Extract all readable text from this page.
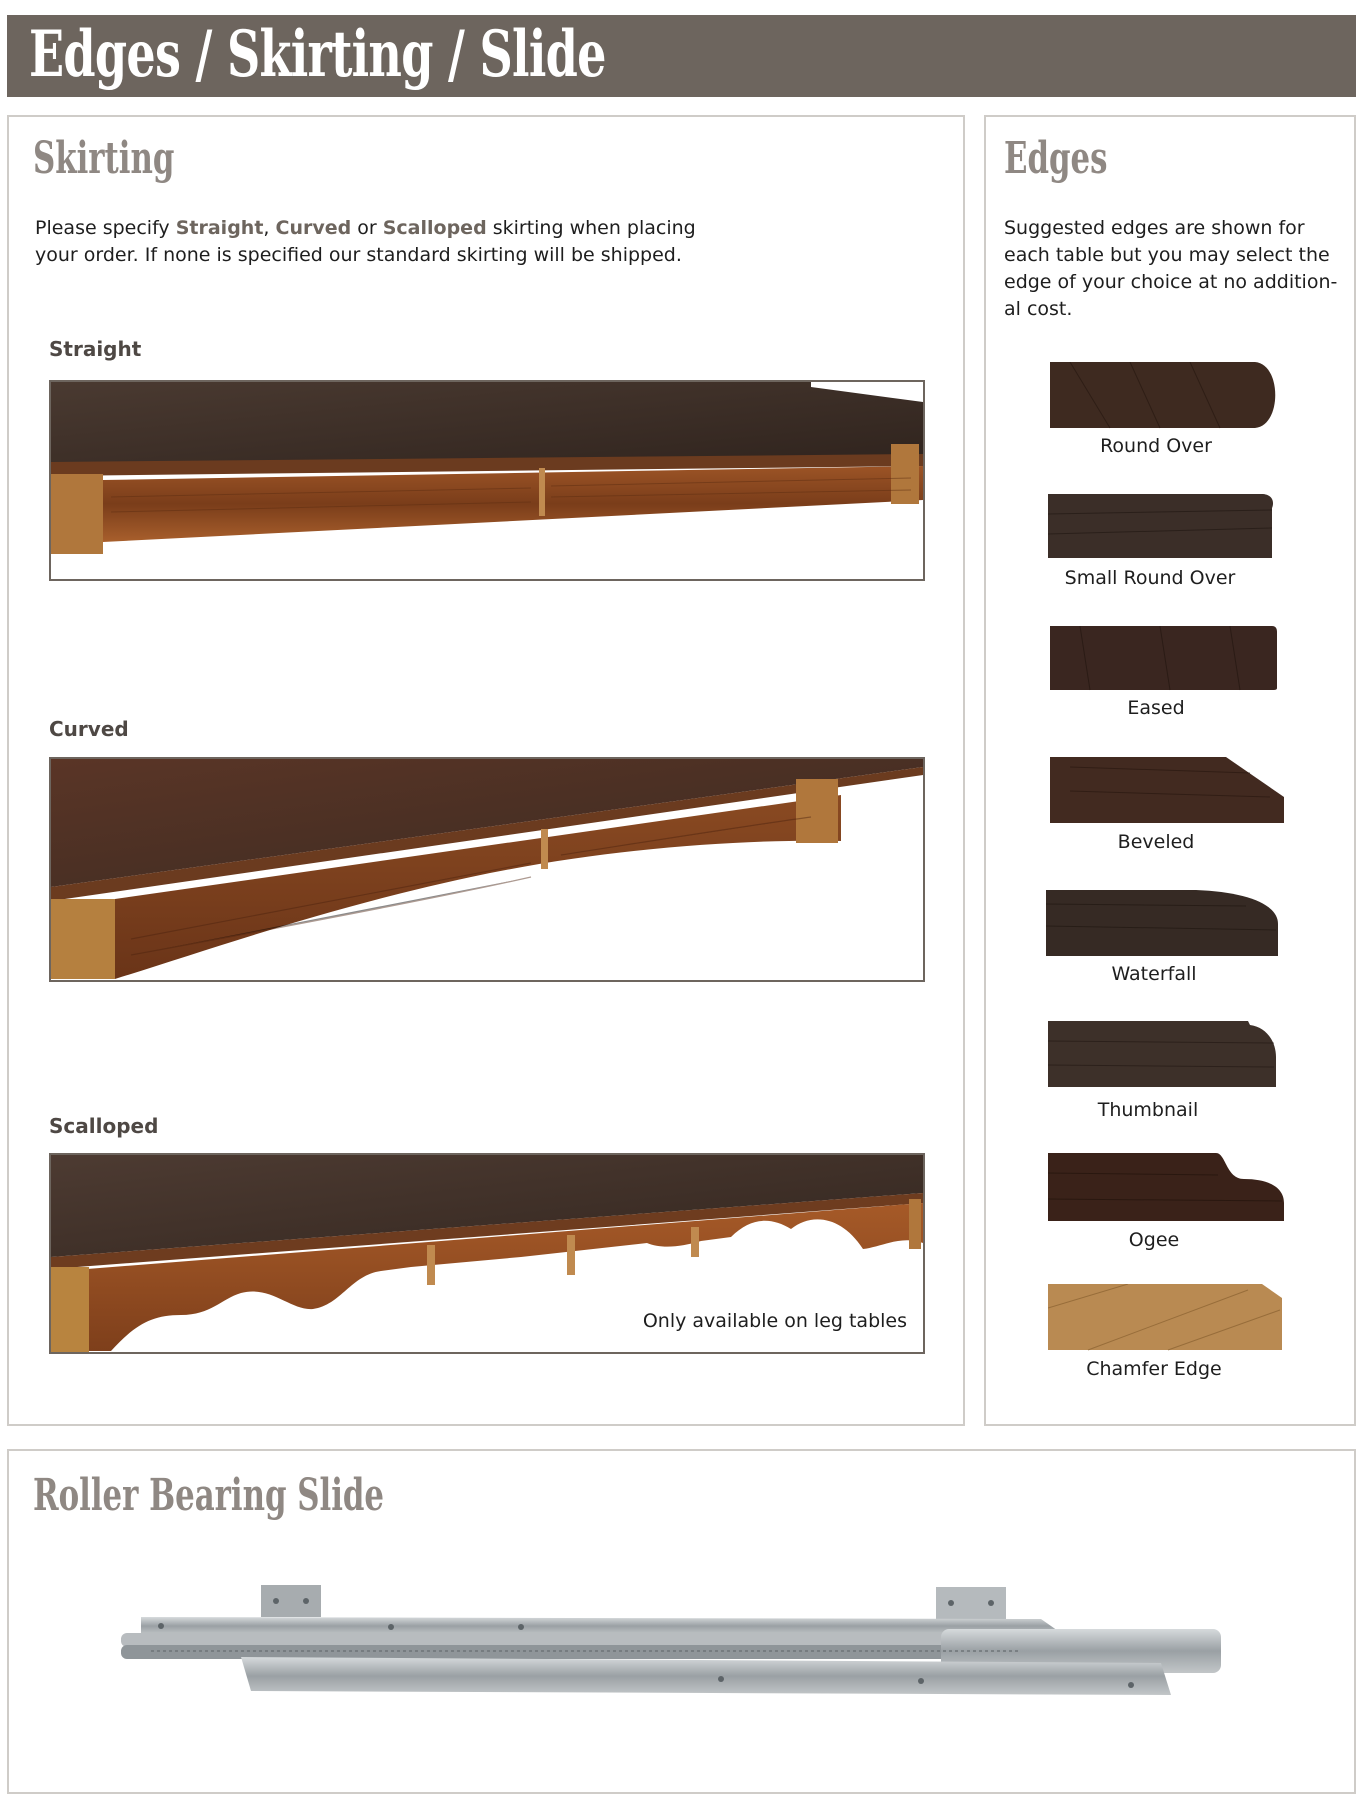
Edges / Skirting / Slide
Skirting

Please specify Straight, Curved or Scalloped skirting when placing
your order. If none is specified our standard skirting will be shipped.

Straight
Curved
Scalloped
Only available on leg tables
Edges

Suggested edges are shown for
each table but you may select the
edge of your choice at no addition-
al cost.

Round Over
Small Round Over
Eased
Beveled
Waterfall
Thumbnail
Ogee
Chamfer Edge
Roller Bearing Slide
